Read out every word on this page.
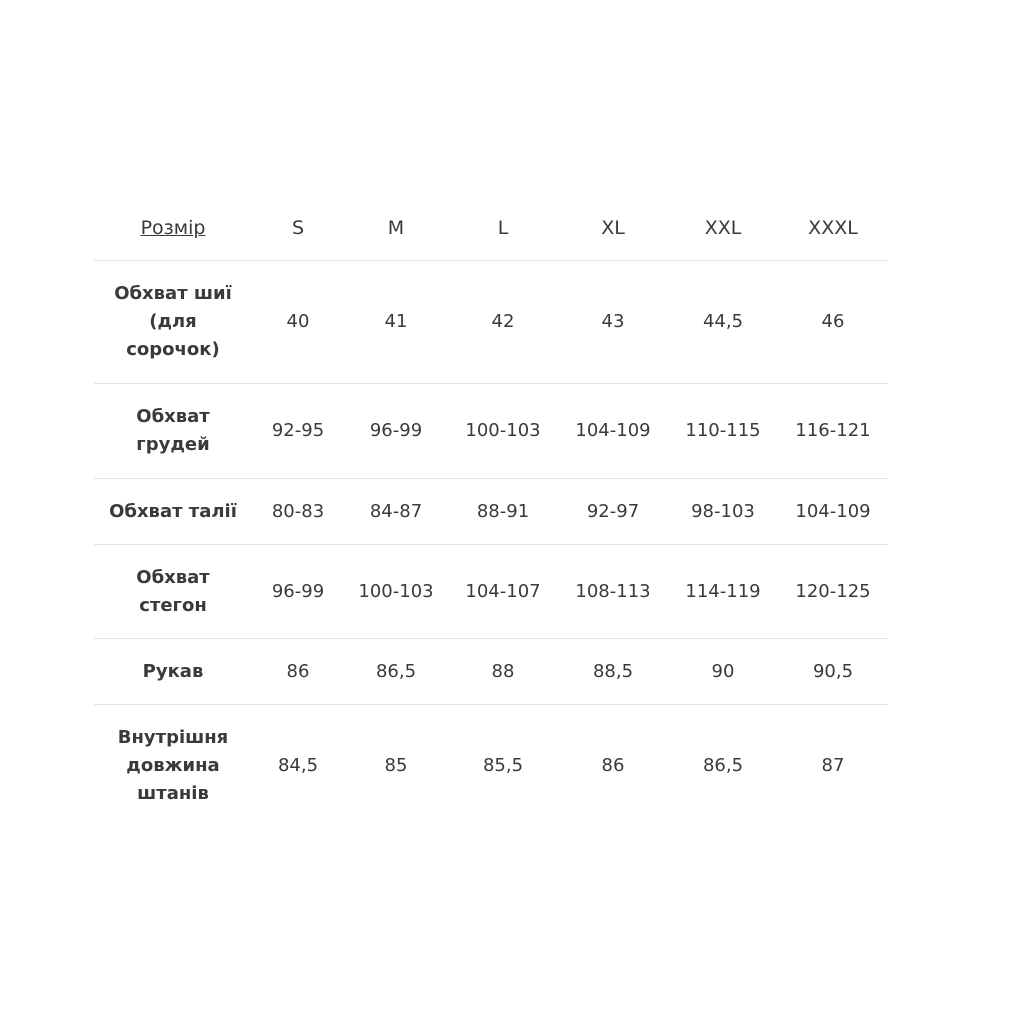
Розмір	S	M	L	XL	XXL	XXXL
Обхват шиї (для сорочок)	40	41	42	43	44,5	46
Обхват грудей	92-95	96-99	100-103	104-109	110-115	116-121
Обхват талії	80-83	84-87	88-91	92-97	98-103	104-109
Обхват стегон	96-99	100-103	104-107	108-113	114-119	120-125
Рукав	86	86,5	88	88,5	90	90,5
Внутрішня довжина штанів	84,5	85	85,5	86	86,5	87
